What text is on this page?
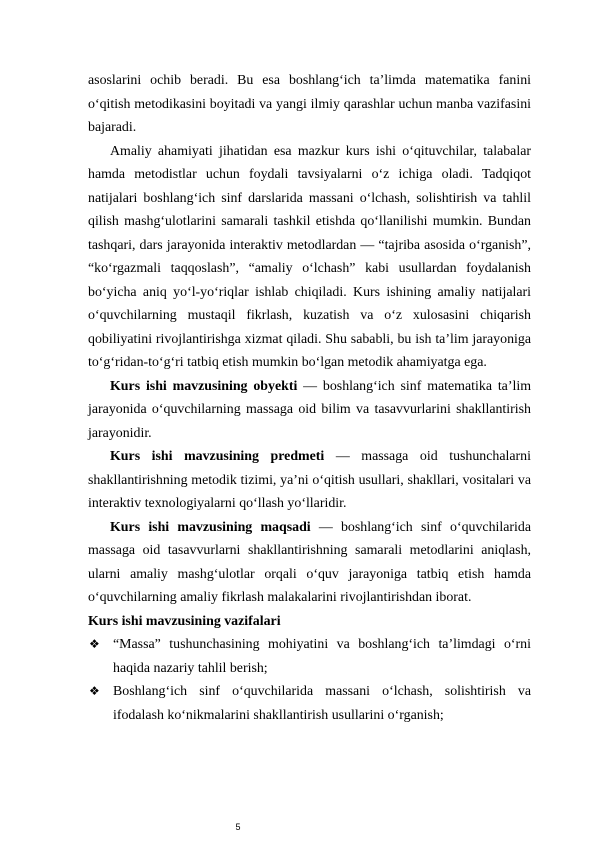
asoslarini ochib beradi. Bu esa boshlang‘ich ta’limda matematika fanini o‘qitish metodikasini boyitadi va yangi ilmiy qarashlar uchun manba vazifasini bajaradi.

Amaliy ahamiyati jihatidan esa mazkur kurs ishi o‘qituvchilar, talabalar hamda metodistlar uchun foydali tavsiyalarni o‘z ichiga oladi. Tadqiqot natijalari boshlang‘ich sinf darslarida massani o‘lchash, solishtirish va tahlil qilish mashg‘ulotlarini samarali tashkil etishda qo‘llanilishi mumkin. Bundan tashqari, dars jarayonida interaktiv metodlardan — “tajriba asosida o‘rganish”, “ko‘rgazmali taqqoslash”, “amaliy o‘lchash” kabi usullardan foydalanish bo‘yicha aniq yo‘l-yo‘riqlar ishlab chiqiladi. Kurs ishining amaliy natijalari o‘quvchilarning mustaqil fikrlash, kuzatish va o‘z xulosasini chiqarish qobiliyatini rivojlantirishga xizmat qiladi. Shu sababli, bu ish ta’lim jarayoniga to‘g‘ridan-to‘g‘ri tatbiq etish mumkin bo‘lgan metodik ahamiyatga ega.

Kurs ishi mavzusining obyekti — boshlang‘ich sinf matematika ta’lim jarayonida o‘quvchilarning massaga oid bilim va tasavvurlarini shakllantirish jarayonidir.

Kurs ishi mavzusining predmeti — massaga oid tushunchalarni shakllantirishning metodik tizimi, ya’ni o‘qitish usullari, shakllari, vositalari va interaktiv texnologiyalarni qo‘llash yo‘llaridir.

Kurs ishi mavzusining maqsadi — boshlang‘ich sinf o‘quvchilarida massaga oid tasavvurlarni shakllantirishning samarali metodlarini aniqlash, ularni amaliy mashg‘ulotlar orqali o‘quv jarayoniga tatbiq etish hamda o‘quvchilarning amaliy fikrlash malakalarini rivojlantirishdan iborat.

Kurs ishi mavzusining vazifalari

❖ “Massa” tushunchasining mohiyatini va boshlang‘ich ta’limdagi o‘rni haqida nazariy tahlil berish;

❖ Boshlang‘ich sinf o‘quvchilarida massani o‘lchash, solishtirish va ifodalash ko‘nikmalarini shakllantirish usullarini o‘rganish;

5
